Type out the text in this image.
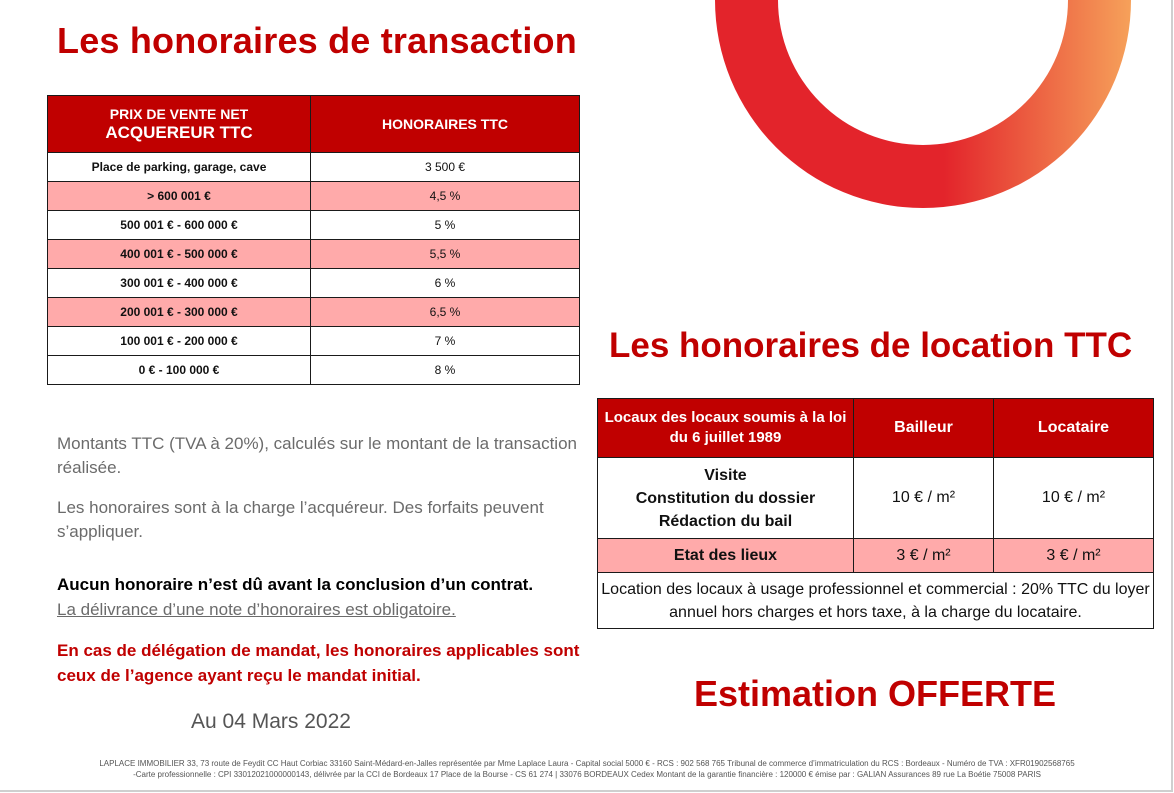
Les honoraires de transaction
PRIX DE VENTE NET
ACQUEREUR TTC	HONORAIRES TTC
Place de parking, garage, cave	3 500 €
> 600 001 €	4,5 %
500 001 € - 600 000 €	5 %
400 001 € - 500 000 €	5,5 %
300 001 € - 400 000 €	6 %
200 001 € - 300 000 €	6,5 %
100 001 € - 200 000 €	7 %
0 € - 100 000 €	8 %
Montants TTC (TVA à 20%), calculés sur le montant de la transaction réalisée.
Les honoraires sont à la charge l’acquéreur. Des forfaits peuvent s’appliquer.
Aucun honoraire n’est dû avant la conclusion d’un contrat.
La délivrance d’une note d’honoraires est obligatoire.
En cas de délégation de mandat, les honoraires applicables sont ceux de l’agence ayant reçu le mandat initial.
Au 04 Mars 2022
Les honoraires de location TTC
Locaux des locaux soumis à la loi du 6 juillet 1989	Bailleur	Locataire

Visite
Constitution du dossier
Rédaction du bail	10 € / m²	10 € / m²
Etat des lieux	3 € / m²	3 € / m²
Location des locaux à usage professionnel et commercial : 20% TTC du loyer annuel hors charges et hors taxe, à la charge du locataire.		
Estimation OFFERTE
LAPLACE IMMOBILIER 33, 73 route de Feydit CC Haut Corbiac 33160 Saint-Médard-en-Jalles représentée par Mme Laplace Laura - Capital social 5000 € - RCS : 902 568 765 Tribunal de commerce d’immatriculation du RCS : Bordeaux - Numéro de TVA : XFR01902568765
-Carte professionnelle : CPI 33012021000000143, délivrée par la CCI de Bordeaux 17 Place de la Bourse - CS 61 274 | 33076 BORDEAUX Cedex Montant de la garantie financière : 120000 € émise par : GALIAN Assurances 89 rue La Boétie 75008 PARIS
